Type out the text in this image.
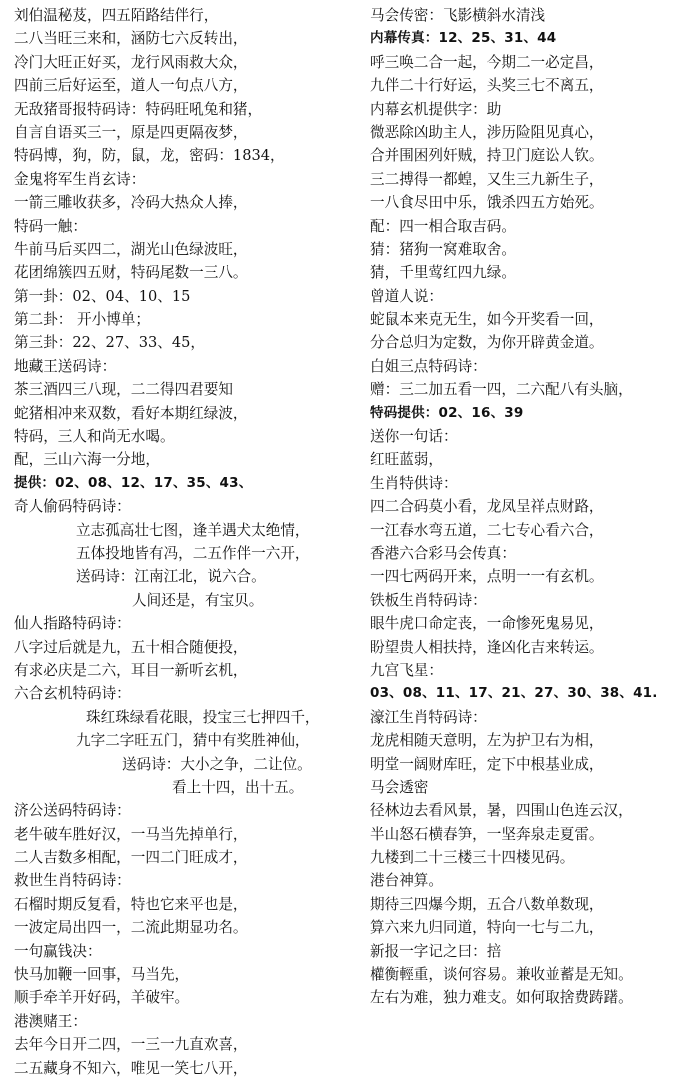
刘伯温秘芨，四五陌路结伴行，
二八当旺三来和，涵防七六反转出，
冷门大旺正好买，龙行风雨救大众，
四前三后好运至，道人一句点八方，
无敌猪哥报特码诗：特码旺吼兔和猪，
自言自语买三一，原是四更隔夜梦，
特码博，狗，防，鼠，龙，密码：1834，
金鬼将军生肖玄诗：
一箭三雕收获多，冷码大热众人捧，
特码一触：
牛前马后买四二，湖光山色绿波旺，
花团绵簇四五财，特码尾数一三八。
第一卦：02、04、10、15
第二卦： 开小博单；
第三卦：22、27、33、45，
地藏王送码诗：
茶三酒四三八现，二二得四君要知
蛇猪相冲来双数，看好本期红绿波，
特码，三人和尚无水喝。
配，三山六海一分地，
提供：02、08、12、17、35、43、
奇人偷码特码诗：
立志孤高壮七图，逢羊遇犬太绝情，
五体投地皆有冯，二五作伴一六开，
送码诗：江南江北，说六合。
人间还是，有宝贝。
仙人指路特码诗：
八字过后就是九，五十相合随便投，
有求必庆是二六，耳目一新听玄机，
六合玄机特码诗：
珠红珠绿看花眼，投宝三七押四千，
九字二字旺五门，猜中有奖胜神仙，
送码诗：大小之争，二让位。
看上十四，出十五。
济公送码特码诗：
老牛破车胜好汉，一马当先掉单行，
二人吉数多相配，一四二门旺成才，
救世生肖特码诗：
石榴时期反复看，特也它来平也是，
一波定局出四一，二流此期显功名。
一句赢钱决：
快马加鞭一回事，马当先，
顺手牵羊开好码，羊破牢。
港澳赌王：
去年今日开二四，一三一九直欢喜，
二五藏身不知六，唯见一笑七八开，
马会传密：飞影横斜水清浅
内幕传真：12、25、31、44
呼三唤二合一起，今期二一必定昌，
九伴二十行好运，头奖三七不离五，
内幕玄机提供字：助
微恶除凶助主人，涉历险阻见真心，
合并围困列奸贼，持卫门庭讼人钦。
三二搏得一都蝗，又生三九新生子，
一八食尽田中乐，饿杀四五方始死。
配：四一相合取吉码。
猜：猪狗一窝难取舍。
猜，千里莺红四九绿。
曾道人说：
蛇鼠本来克无生，如今开奖看一回，
分合总归为定数，为你开辟黄金道。
白姐三点特码诗：
赠：三二加五看一四，二六配八有头脑，
特码提供：02、16、39
送你一句话：
红旺蓝弱，
生肖特供诗：
四二合码莫小看，龙凤呈祥点财路，
一江春水弯五道，二七专心看六合，
香港六合彩马会传真：
一四七两码开来，点明一一有玄机。
铁板生肖特码诗：
眼牛虎口命定丧，一命惨死鬼易见，
盼望贵人相扶持，逢凶化吉来转运。
九宫飞星：
03、08、11、17、21、27、30、38、41.
濠江生肖特码诗：
龙虎相随天意明，左为护卫右为相，
明堂一阔财库旺，定下中根基业成，
马会透密
径林边去看风景，暑，四围山色连云汉，
半山怒石横春笋，一坚奔泉走夏雷。
九楼到二十三楼三十四楼见码。
港台神算。
期待三四爆今期，五合八数单数现，
算六来九归同道，特向一七与二九，
新报一字记之曰：掊
權衡輕重，谈何容易。兼收並蓄是无知。
左右为难，独力难支。如何取捨费踌躇。
